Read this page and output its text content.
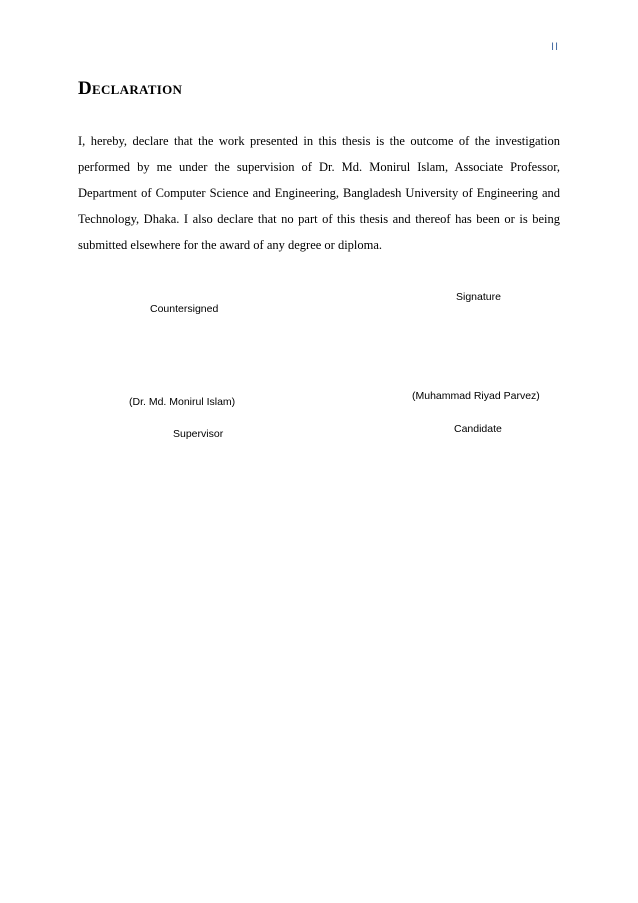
II
Declaration

I, hereby, declare that the work presented in this thesis is the outcome of the investigation performed by me under the supervision of Dr. Md. Monirul Islam, Associate Professor, Department of Computer Science and Engineering, Bangladesh University of Engineering and Technology, Dhaka. I also declare that no part of this thesis and thereof has been or is being submitted elsewhere for the award of any degree or diploma.

Countersigned
Signature
(Dr. Md. Monirul Islam)	(Muhammad Riyad Parvez)
Supervisor	Candidate
